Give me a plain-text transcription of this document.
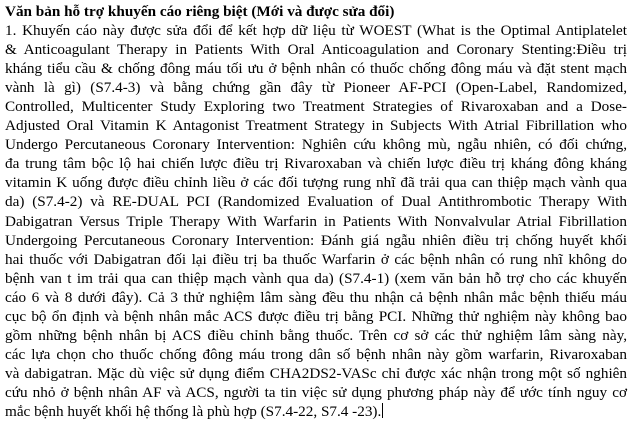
Văn bản hỗ trợ khuyến cáo riêng biệt (Mới và được sửa đổi)
1. Khuyến cáo này được sửa đổi để kết hợp dữ liệu từ WOEST (What is the Optimal Antiplatelet
& Anticoagulant Therapy in Patients With Oral Anticoagulation and Coronary Stenting:Điều trị
kháng tiểu cầu & chống đông máu tối ưu ở bệnh nhân có thuốc chống đông máu và đặt stent mạch
vành là gì) (S7.4-3) và bằng chứng gần đây từ Pioneer AF-PCI (Open-Label, Randomized,
Controlled, Multicenter Study Exploring two Treatment Strategies of Rivaroxaban and a Dose-
Adjusted Oral Vitamin K Antagonist Treatment Strategy in Subjects With Atrial Fibrillation who
Undergo Percutaneous Coronary Intervention: Nghiên cứu không mù, ngẫu nhiên, có đối chứng,
đa trung tâm bộc lộ hai chiến lược điều trị Rivaroxaban và chiến lược điều trị kháng đông kháng
vitamin K uống được điều chỉnh liều ở các đối tượng rung nhĩ đã trải qua can thiệp mạch vành qua
da) (S7.4-2) và RE-DUAL PCI (Randomized Evaluation of Dual Antithrombotic Therapy With
Dabigatran Versus Triple Therapy With Warfarin in Patients With Nonvalvular Atrial Fibrillation
Undergoing Percutaneous Coronary Intervention: Đánh giá ngẫu nhiên điều trị chống huyết khối
hai thuốc với Dabigatran đối lại điều trị ba thuốc Warfarin ở các bệnh nhân có rung nhĩ không do
bệnh van t im trải qua can thiệp mạch vành qua da) (S7.4-1) (xem văn bản hỗ trợ cho các khuyến
cáo 6 và 8 dưới đây). Cả 3 thử nghiệm lâm sàng đều thu nhận cả bệnh nhân mắc bệnh thiếu máu
cục bộ ổn định và bệnh nhân mắc ACS được điều trị bằng PCI. Những thử nghiệm này không bao
gồm những bệnh nhân bị ACS điều chỉnh bằng thuốc. Trên cơ sở các thử nghiệm lâm sàng này,
các lựa chọn cho thuốc chống đông máu trong dân số bệnh nhân này gồm warfarin, Rivaroxaban
và dabigatran. Mặc dù việc sử dụng điểm CHA2DS2-VASc chỉ được xác nhận trong một số nghiên
cứu nhỏ ở bệnh nhân AF và ACS, người ta tin việc sử dụng phương pháp này để ước tính nguy cơ
mắc bệnh huyết khối hệ thống là phù hợp (S7.4-22, S7.4 -23).
